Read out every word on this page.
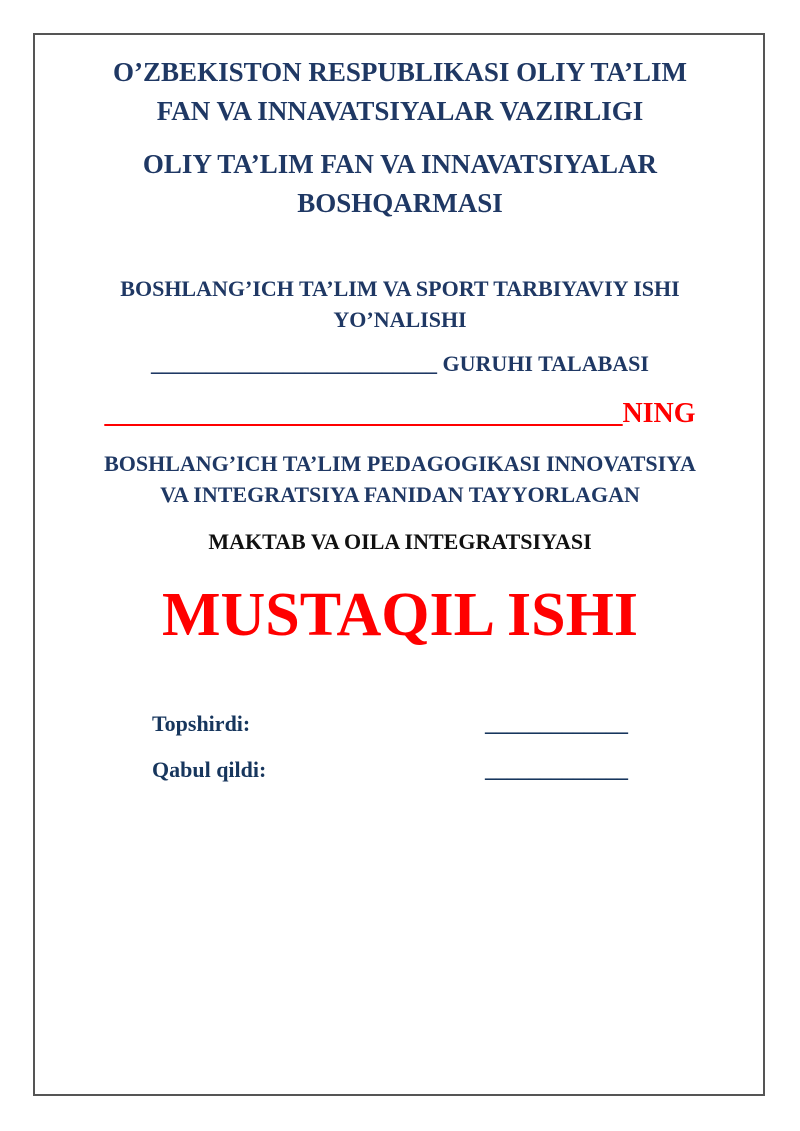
O’ZBEKISTON RESPUBLIKASI OLIY TA’LIM
FAN VA INNAVATSIYALAR VAZIRLIGI
OLIY TA’LIM FAN VA INNAVATSIYALAR
BOSHQARMASI
BOSHLANG’ICH TA’LIM VA SPORT TARBIYAVIY ISHI
YO’NALISHI
__________________________ GURUHI TALABASI
_____________________________________NING
BOSHLANG’ICH TA’LIM PEDAGOGIKASI INNOVATSIYA
VA INTEGRATSIYA FANIDAN TAYYORLAGAN
MAKTAB VA OILA INTEGRATSIYASI
MUSTAQIL ISHI
Topshirdi:	_____________
Qabul qildi:	_____________
